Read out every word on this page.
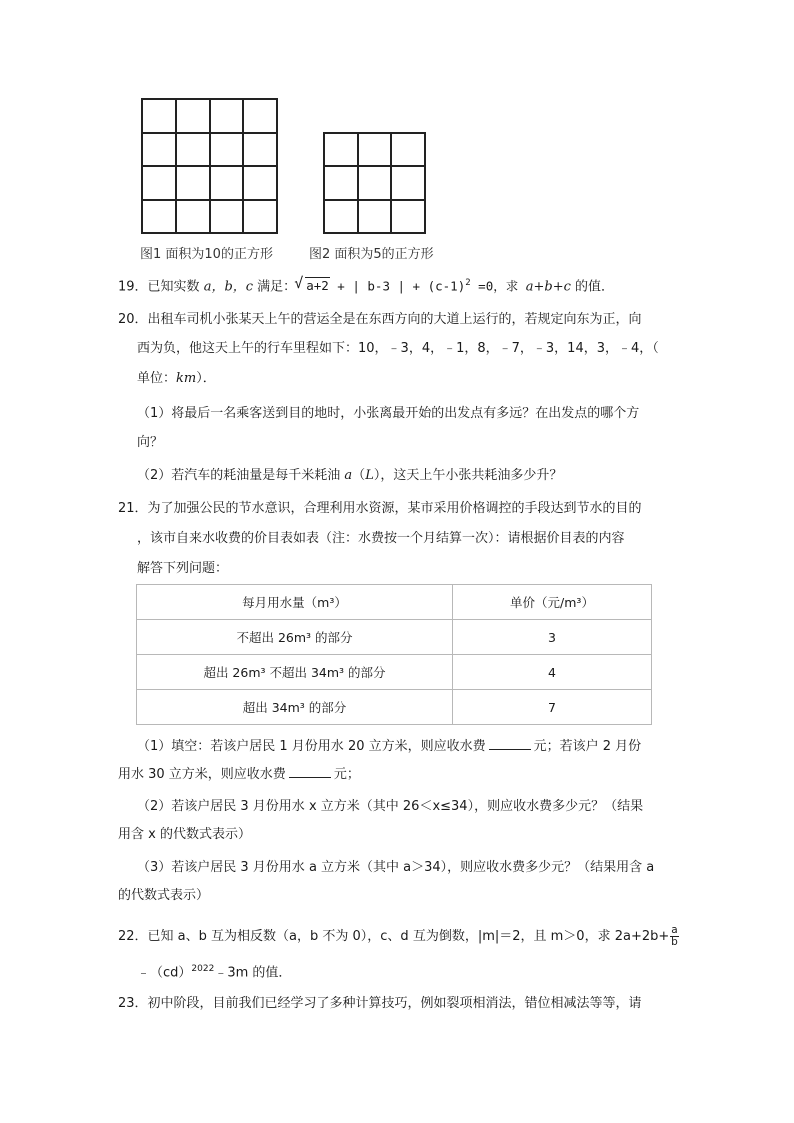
图1 面积为10的正方形	图2 面积为5的正方形
19．已知实数 a，b，c 满足： √ a+2 + | b-3 | + $(c-1)^2 =0$，求 a+b+c 的值．
20．出租车司机小张某天上午的营运全是在东西方向的大道上运行的，若规定向东为正，向
西为负，他这天上午的行车里程如下：10，﹣3，4，﹣1，8，﹣7，﹣3，14，3，﹣4，（
单位：km）．
（1）将最后一名乘客送到目的地时，小张离最开始的出发点有多远？在出发点的哪个方
向？
（2）若汽车的耗油量是每千米耗油 a（L），这天上午小张共耗油多少升？
21．为了加强公民的节水意识，合理利用水资源，某市采用价格调控的手段达到节水的目的
，该市自来水收费的价目表如表（注：水费按一个月结算一次）：请根据价目表的内容
解答下列问题：
每月用水量（m³）	单价（元/m³）
不超出 26m³ 的部分	3
超出 26m³ 不超出 34m³ 的部分	4
超出 34m³ 的部分	7
（1）填空：若该户居民 1 月份用水 20 立方米，则应收水费	元；若该户 2 月份
用水 30 立方米，则应收水费	元；
（2）若该户居民 3 月份用水 x 立方米（其中 26＜x≤34），则应收水费多少元？（结果
用含 x 的代数式表示）
（3）若该户居民 3 月份用水 a 立方米（其中 a＞34），则应收水费多少元？（结果用含 a
的代数式表示）
22．已知 a、b 互为相反数（a，b 不为 0），c、d 互为倒数，|m|＝2，且 m＞0，求 $2a+2b+ \frac{a}{b}$
﹣（cd）$^{2022}$﹣3m 的值．
23．初中阶段，目前我们已经学习了多种计算技巧，例如裂项相消法，错位相减法等等，请
